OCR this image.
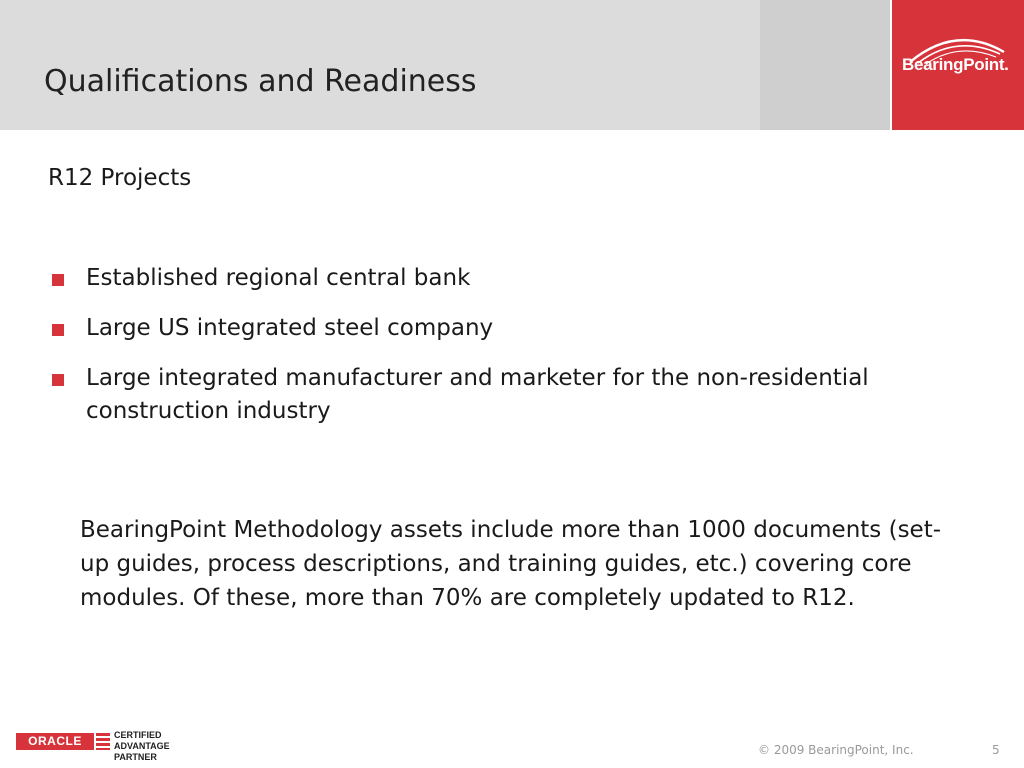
BearingPoint.
Qualifications and Readiness

R12 Projects

Established regional central bank
Large US integrated steel company
Large integrated manufacturer and marketer for the non-residential construction industry

BearingPoint Methodology assets include more than 1000 documents (set-up guides, process descriptions, and training guides, etc.) covering core modules. Of these, more than 70% are completely updated to R12.

ORACLE	CERTIFIED ADVANTAGE
PARTNER	© 2009 BearingPoint, Inc.	5
